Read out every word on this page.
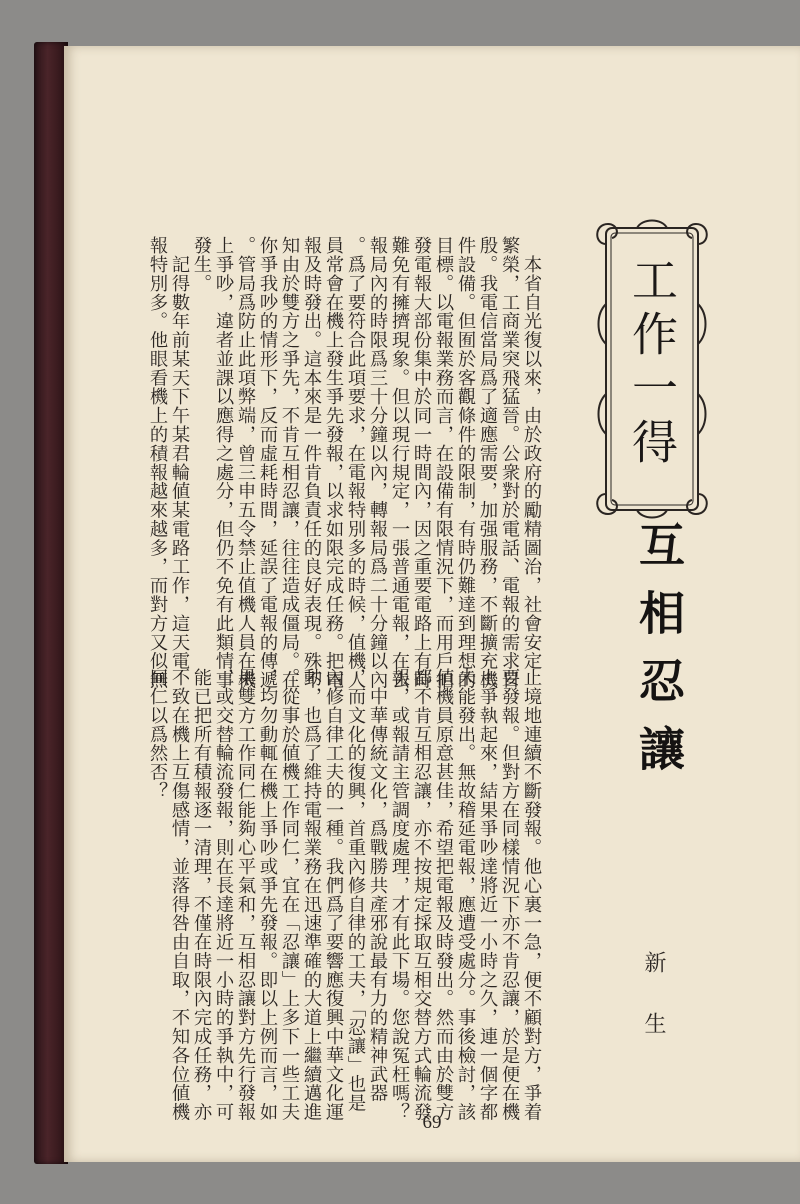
工作一得
互相忍讓
新 生
　本省自光復以來，由於政府的勵精圖治，社會安定
繁榮，工商業突飛猛晉。公衆對於電話、電報的需求日
殷。我電信當局爲了適應需要，加强服務，不斷擴充機
件設備。但囿於客觀條件的限制，有時仍難達到理想的
目標。以電報業務而言，在設備有限情況下，而用戶拍
發電報大部份集中於同一時間內，因之重要電路上有時
難免有擁擠現象。但以現行規定，一張普通電報，在去
報局內的時限爲三十分鐘以內，轉報局爲二十分鐘以內
。爲了要符合此項要求，在電報特別多的時候，值機人
員常會在機上發生爭先發報，以求如限完成任務。把電
報及時發出。這本來是一件肯負責任的良好表現。殊不
知由於雙方之爭先，不肯互相忍讓，往往造成僵局。在
你爭我吵的情形下，反而虛耗時間，延誤了電報的傳遞
。管局爲防止此項弊端，曾三申五令禁止值機人員在機
上爭吵，違者並課以應得之處分，但仍不免有此類情事
發生。
　記得數年前某天下午某君輪値某電路工作，這天電
報特別多。他眼看機上的積報越來越多，而對方又似無
止境地連續不斷發報。他心裏一急，便不顧對方，爭着
要發報。但對方在同樣情況下亦不肯忍讓，於是便在機
上爭執起來，結果爭吵達將近一小時之久，連一個字都
未能發出。無故稽延電報，應遭受處分。事後檢討，該
値機員原意甚佳，希望把電報及時發出。然而由於雙方
都不肯互相忍讓，亦不按規定採取互相交替方式輪流發
報，或報請主管調度處理，才有此下場。您說冤枉嗎？
　中華傳統文化，爲戰勝共產邪說最有力的精神武器
，而文化的復興，首重內修自律的工夫，「忍讓」也是
內修自律工夫的一種。我們爲了要響應復興中華文化運
動，也爲了維持電報業務在迅速準確的大道上繼續邁進
。從事於値機工作同仁，宜在「忍讓」上多下一些工夫
，均勿動輒在機上爭吵或爭先發報。即以上例而言，如
果雙方工作同仁能夠心平氣和，互相忍讓對方先行發報
，或交替輪流發報，則在長達將近一小時的爭執中，可
能已把所有積報逐一清理，不僅在時限內完成任務，亦
不致在機上互傷感情，並落得咎由自取，不知各位値機
同仁以爲然否？
69
